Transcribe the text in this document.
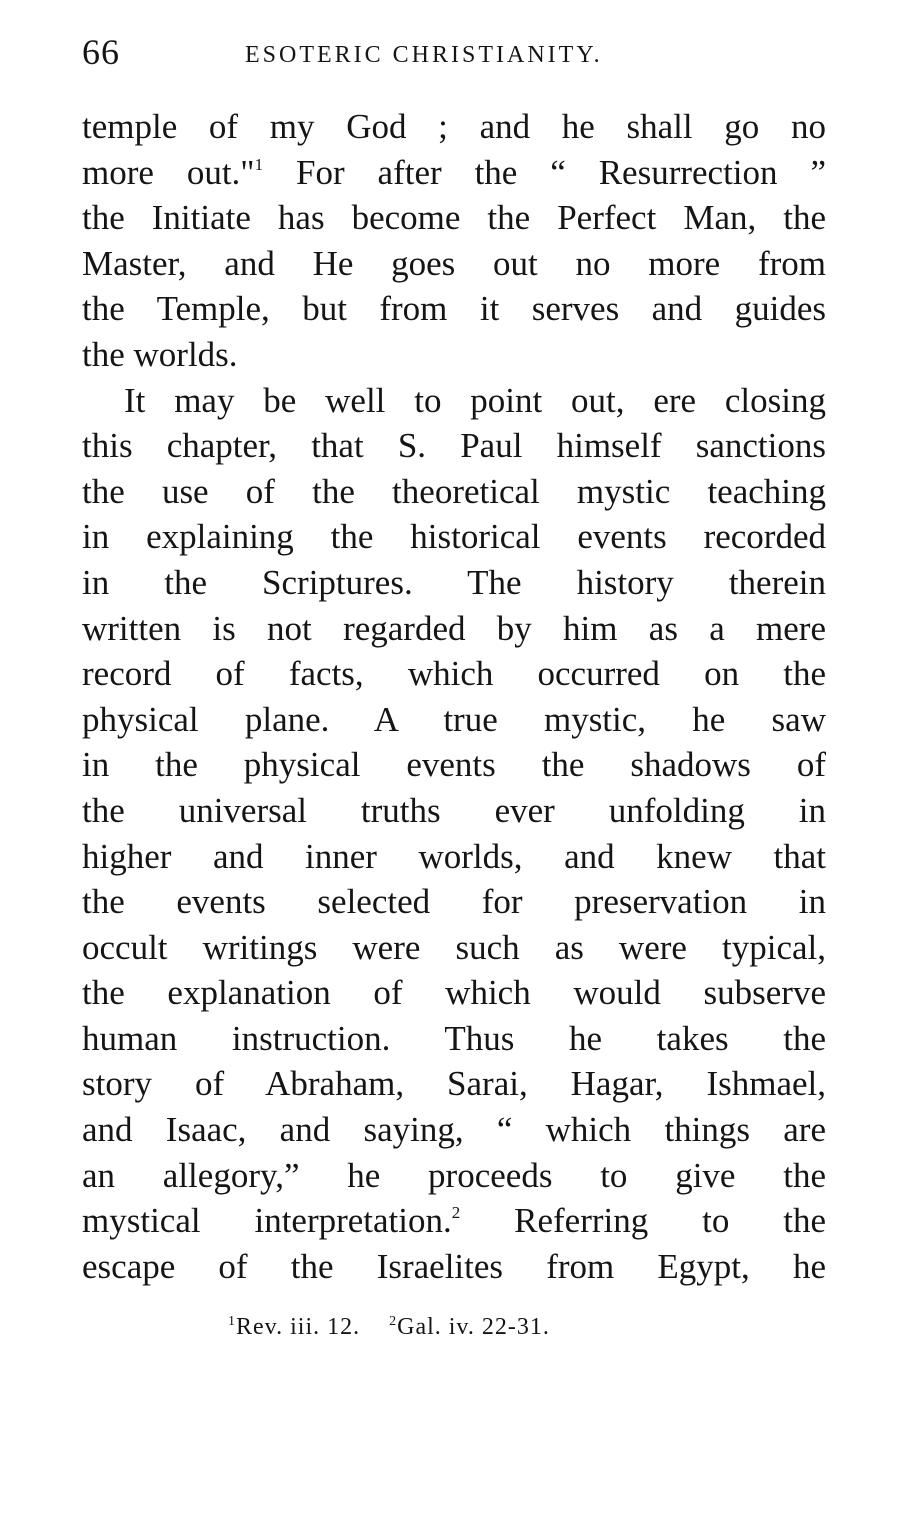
66	ESOTERIC CHRISTIANITY.
temple of my God ; and he shall go no
more out."$^1$ For after the “ Resurrection ”
the Initiate has become the Perfect Man, the
Master, and He goes out no more from
the Temple, but from it serves and guides
the worlds.
It may be well to point out, ere closing
this chapter, that S. Paul himself sanctions
the use of the theoretical mystic teaching
in explaining the historical events recorded
in the Scriptures. The history therein
written is not regarded by him as a mere
record of facts, which occurred on the
physical plane. A true mystic, he saw
in the physical events the shadows of
the universal truths ever unfolding in
higher and inner worlds, and knew that
the events selected for preservation in
occult writings were such as were typical,
the explanation of which would subserve
human instruction. Thus he takes the
story of Abraham, Sarai, Hagar, Ishmael,
and Isaac, and saying, “ which things are
an allegory,” he proceeds to give the
mystical interpretation.$^2$ Referring to the
escape of the Israelites from Egypt, he
$^1$Rev. iii. 12. $^2$Gal. iv. 22-31.
